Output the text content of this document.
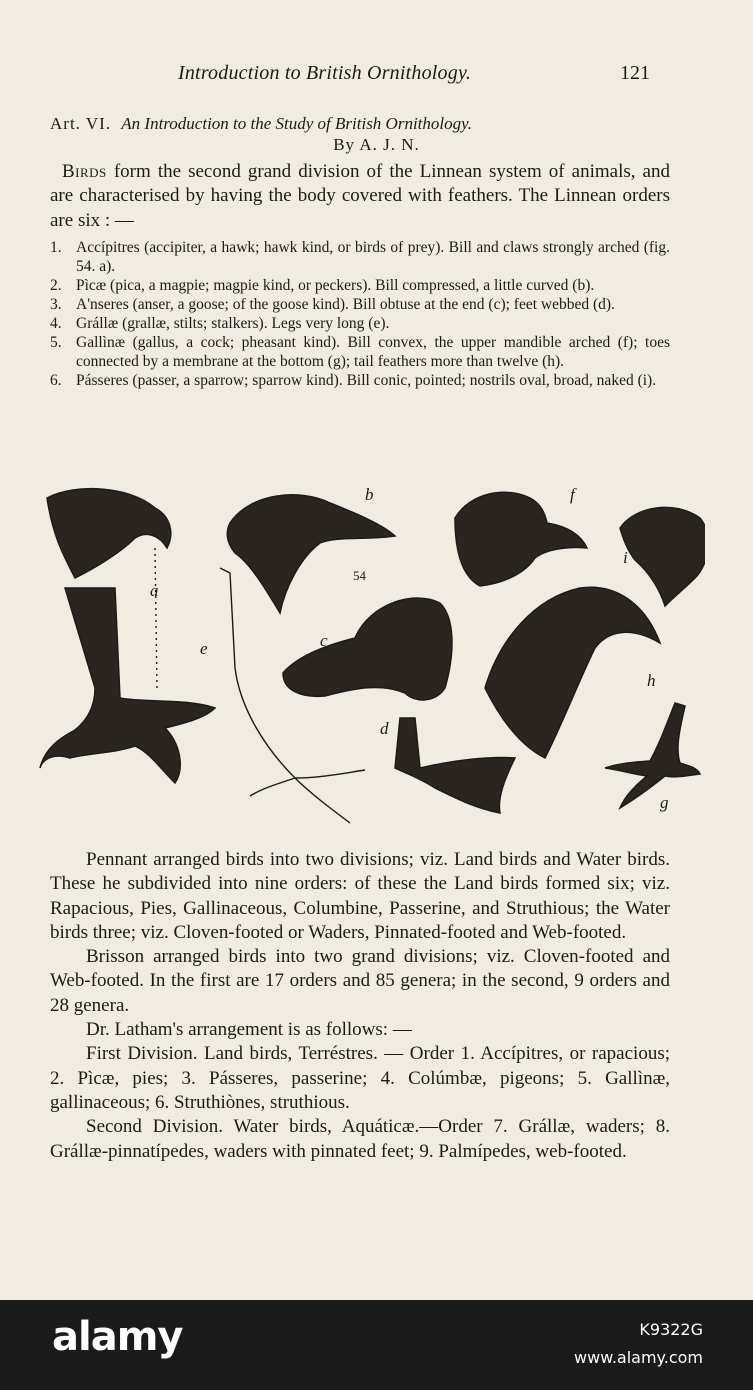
Introduction to British Ornithology.	121
Art. VI. An Introduction to the Study of British Ornithology.
By A. J. N.
Birds form the second grand division of the Linnean system of animals, and are characterised by having the body covered with feathers. The Linnean orders are six : —
1. Accípitres (accipiter, a hawk; hawk kind, or birds of prey). Bill and claws strongly arched (fig. 54. a).
2. Pìcæ (pica, a magpie; magpie kind, or peckers). Bill compressed, a little curved (b).
3. A'nseres (anser, a goose; of the goose kind). Bill obtuse at the end (c); feet webbed (d).
4. Grállæ (grallæ, stilts; stalkers). Legs very long (e).
5. Gallìnæ (gallus, a cock; pheasant kind). Bill convex, the upper mandible arched (f); toes connected by a membrane at the bottom (g); tail feathers more than twelve (h).
6. Pásseres (passer, a sparrow; sparrow kind). Bill conic, pointed; nostrils oval, broad, naked (i).
a
b
c
d
e
f
g
h
i
54

Pennant arranged birds into two divisions; viz. Land birds and Water birds. These he subdivided into nine orders: of these the Land birds formed six; viz. Rapacious, Pies, Gallinaceous, Columbine, Passerine, and Struthious; the Water birds three; viz. Cloven-footed or Waders, Pinnated-footed and Web-footed.

Brisson arranged birds into two grand divisions; viz. Cloven-footed and Web-footed. In the first are 17 orders and 85 genera; in the second, 9 orders and 28 genera.

Dr. Latham's arrangement is as follows: —

First Division. Land birds, Terréstres. — Order 1. Accípitres, or rapacious; 2. Pìcæ, pies; 3. Pásseres, passerine; 4. Colúmbæ, pigeons; 5. Gallìnæ, gallinaceous; 6. Struthiònes, struthious.

Second Division. Water birds, Aquáticæ.—Order 7. Grállæ, waders; 8. Grállæ-pinnatípedes, waders with pinnated feet; 9. Palmípedes, web-footed.

alamy	K9322G
www.alamy.com
